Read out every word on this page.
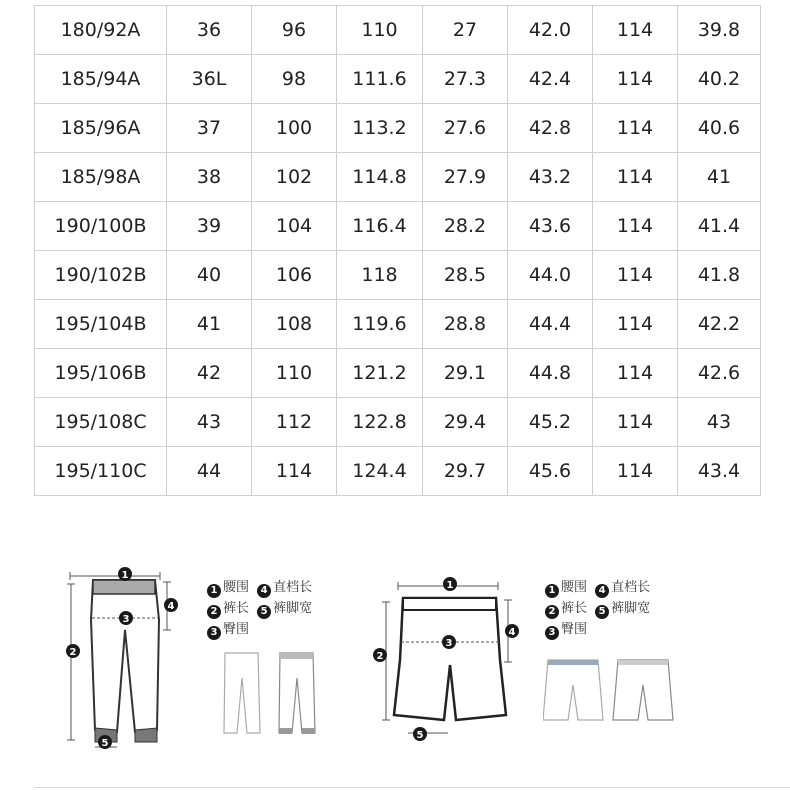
180/92A	36	96	110	27	42.0	114	39.8
185/94A	36L	98	111.6	27.3	42.4	114	40.2
185/96A	37	100	113.2	27.6	42.8	114	40.6
185/98A	38	102	114.8	27.9	43.2	114	41
190/100B	39	104	116.4	28.2	43.6	114	41.4
190/102B	40	106	118	28.5	44.0	114	41.8
195/104B	41	108	119.6	28.8	44.4	114	42.2
195/106B	42	110	121.2	29.1	44.8	114	42.6
195/108C	43	112	122.8	29.4	45.2	114	43
195/110C	44	114	124.4	29.7	45.6	114	43.4
1
2
3
4
5
1 腰围 4 直档长
2 裤长 5 裤脚宽
3 臀围
1
2
3
4
5
1 腰围 4 直档长
2 裤长 5 裤脚宽
3 臀围
